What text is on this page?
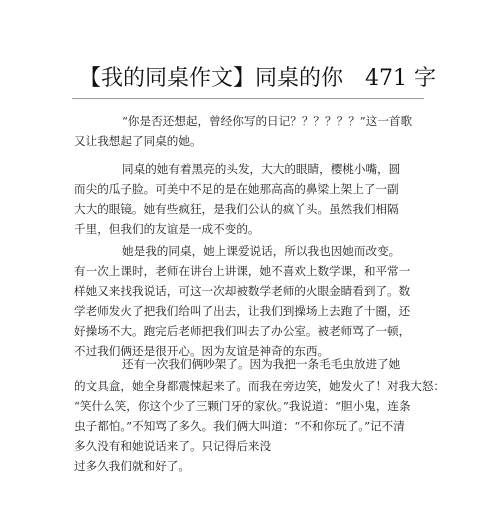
【我的同桌作文】同桌的你　471 字
“你是否还想起，曾经你写的日记？？？？？？”这一首歌
又让我想起了同桌的她。
同桌的她有着黑亮的头发，大大的眼睛，樱桃小嘴，圆
而尖的瓜子脸。可美中不足的是在她那高高的鼻梁上架上了一副
大大的眼镜。她有些疯狂，是我们公认的疯丫头。虽然我们相隔
千里，但我们的友谊是一成不变的。
她是我的同桌，她上课爱说话，所以我也因她而改变。
有一次上课时，老师在讲台上讲课，她不喜欢上数学课，和平常一
样她又来找我说话，可这一次却被数学老师的火眼金睛看到了。数
学老师发火了把我们给叫了出去，让我们到操场上去跑了十圈，还
好操场不大。跑完后老师把我们叫去了办公室。被老师骂了一顿，
不过我们俩还是很开心。因为友谊是神奇的东西。
还有一次我们俩吵架了。因为我把一条毛毛虫放进了她
的文具盒，她全身都震悚起来了。而我在旁边笑，她发火了！对我大怒：
“笑什么笑，你这个少了三颗门牙的家伙。”我说道：“胆小鬼，连条
虫子都怕。”不知骂了多久。我们俩大叫道：“不和你玩了。”记不清
多久没有和她说话来了。只记得后来没
过多久我们就和好了。
